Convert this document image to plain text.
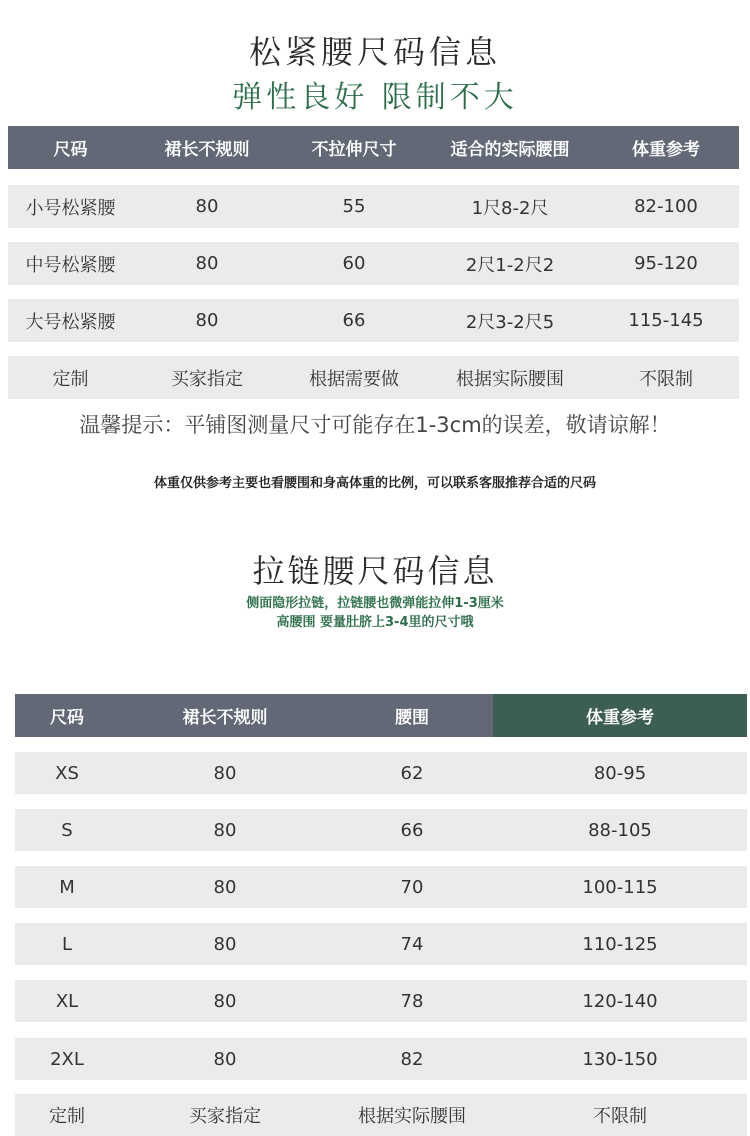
松紧腰尺码信息
弹性良好 限制不大
尺码	裙长不规则	不拉伸尺寸	适合的实际腰围	体重参考
小号松紧腰	80	55	1尺8-2尺	82-100
中号松紧腰	80	60	2尺1-2尺2	95-120
大号松紧腰	80	66	2尺3-2尺5	115-145
定制	买家指定	根据需要做	根据实际腰围	不限制
温馨提示：平铺图测量尺寸可能存在1-3cm的误差，敬请谅解！
体重仅供参考主要也看腰围和身高体重的比例，可以联系客服推荐合适的尺码
拉链腰尺码信息
侧面隐形拉链，拉链腰也微弹能拉伸1-3厘米
高腰围 要量肚脐上3-4里的尺寸哦
尺码	裙长不规则	腰围	体重参考
XS	80	62	80-95
S	80	66	88-105
M	80	70	100-115
L	80	74	110-125
XL	80	78	120-140
2XL	80	82	130-150
定制	买家指定	根据实际腰围	不限制
